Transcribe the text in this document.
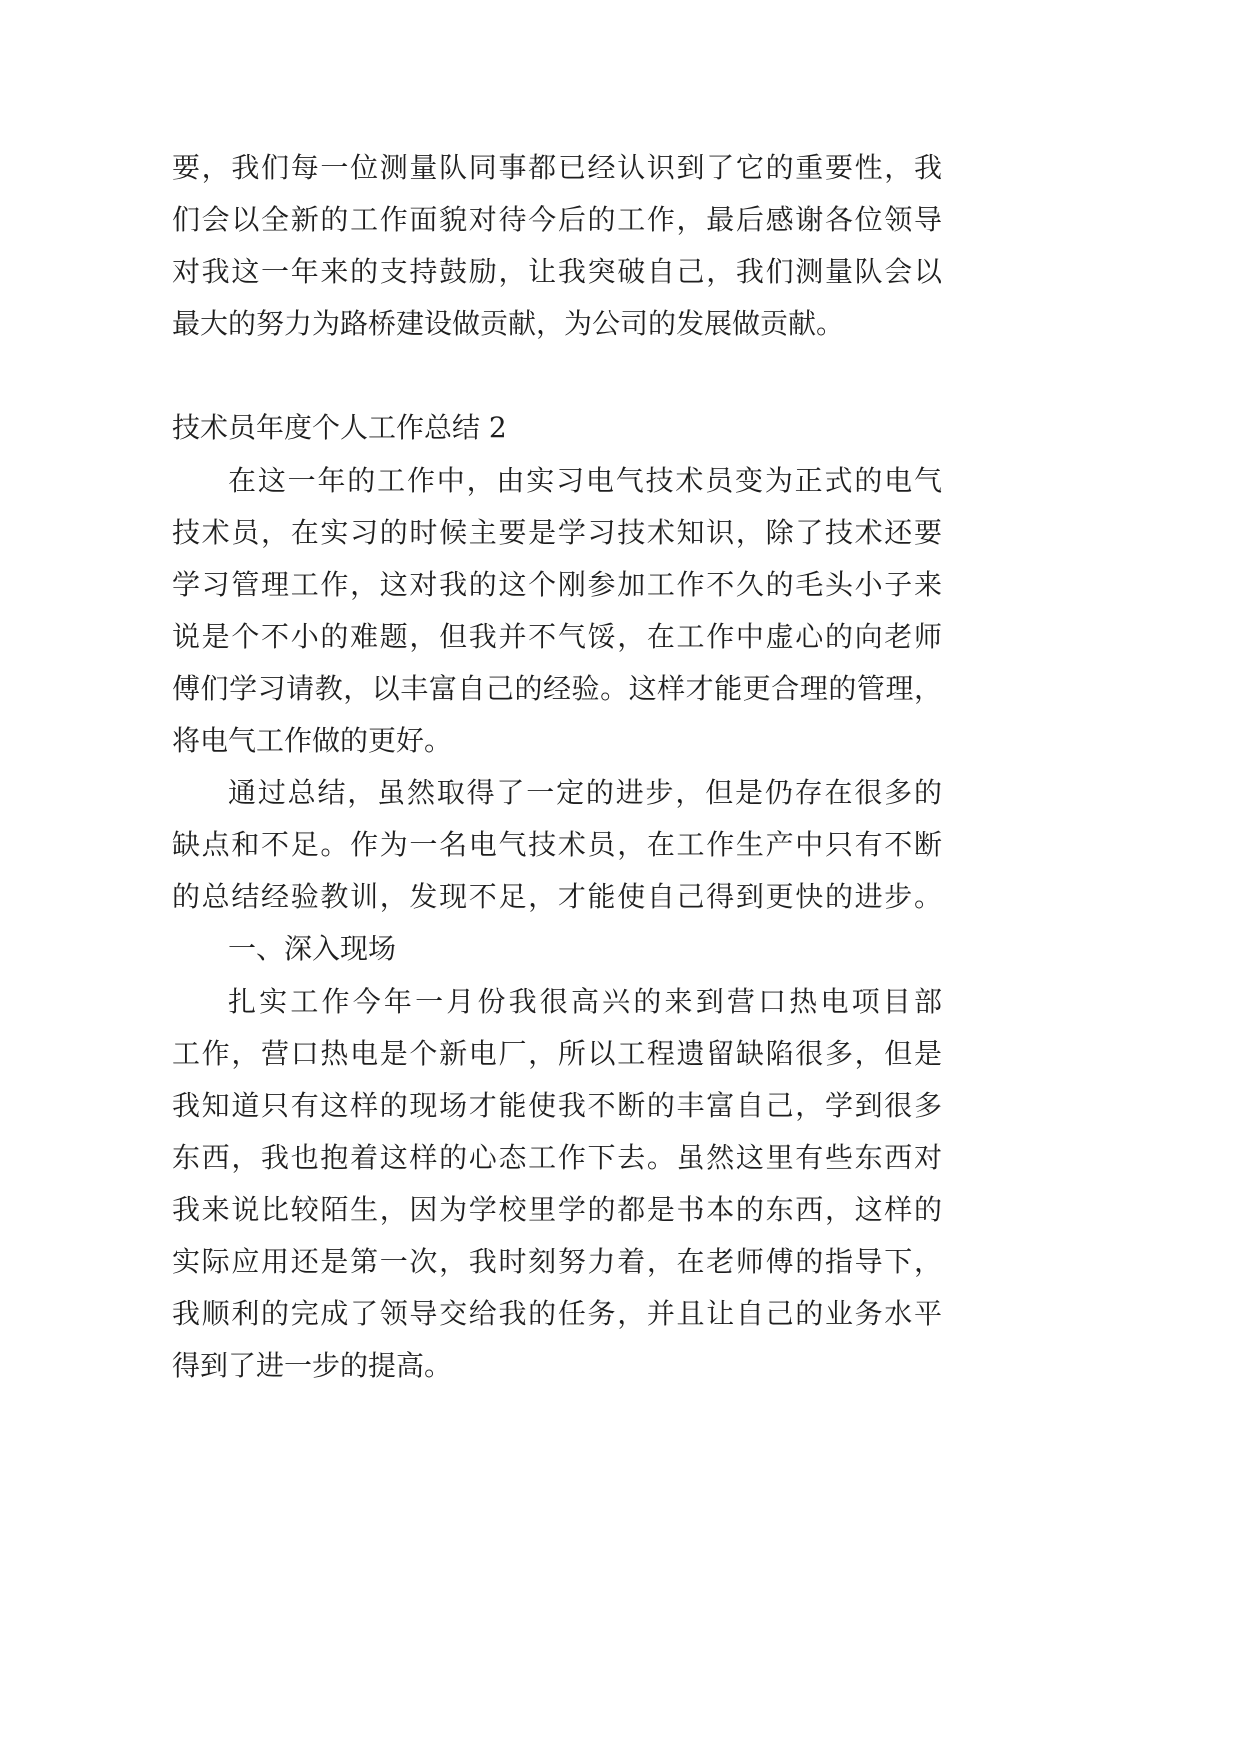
要，我们每一位测量队同事都已经认识到了它的重要性，我
们会以全新的工作面貌对待今后的工作，最后感谢各位领导
对我这一年来的支持鼓励，让我突破自己，我们测量队会以
最大的努力为路桥建设做贡献，为公司的发展做贡献。
技术员年度个人工作总结 2
在这一年的工作中，由实习电气技术员变为正式的电气
技术员，在实习的时候主要是学习技术知识，除了技术还要
学习管理工作，这对我的这个刚参加工作不久的毛头小子来
说是个不小的难题，但我并不气馁，在工作中虚心的向老师
傅们学习请教，以丰富自己的经验。这样才能更合理的管理，
将电气工作做的更好。
通过总结，虽然取得了一定的进步，但是仍存在很多的
缺点和不足。作为一名电气技术员，在工作生产中只有不断
的总结经验教训，发现不足，才能使自己得到更快的进步。
一、深入现场
扎实工作今年一月份我很高兴的来到营口热电项目部
工作，营口热电是个新电厂，所以工程遗留缺陷很多，但是
我知道只有这样的现场才能使我不断的丰富自己，学到很多
东西，我也抱着这样的心态工作下去。虽然这里有些东西对
我来说比较陌生，因为学校里学的都是书本的东西，这样的
实际应用还是第一次，我时刻努力着，在老师傅的指导下，
我顺利的完成了领导交给我的任务，并且让自己的业务水平
得到了进一步的提高。
